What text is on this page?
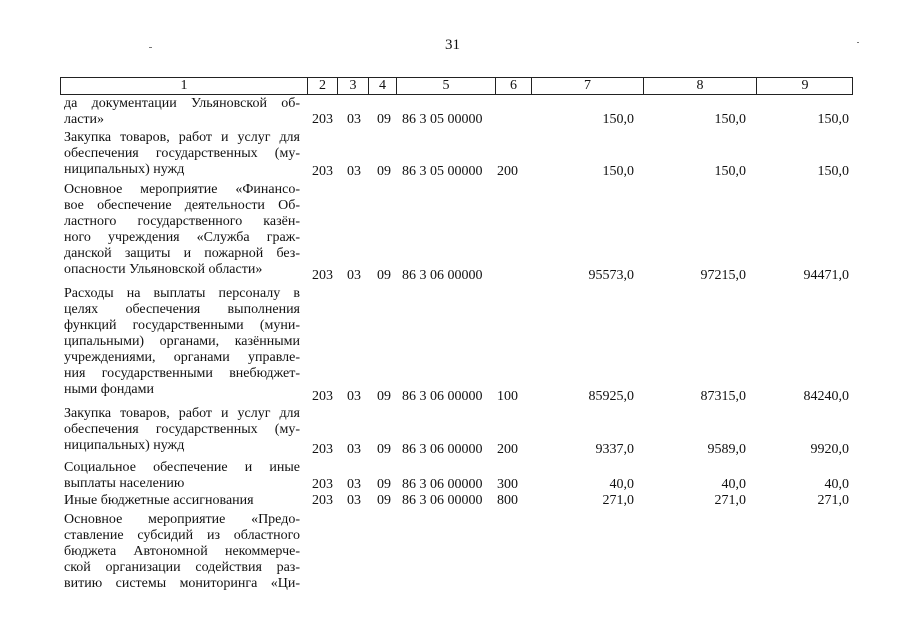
31
1	2	3	4	5	6	7	8	9
да документации Ульяновской об-
ласти»	203 03 09 86 3 05 00000	150,0	150,0	150,0
Закупка товаров, работ и услуг для
обеспечения государственных (му-
ниципальных) нужд	203 03 09 86 3 05 00000 200	150,0	150,0	150,0
Основное мероприятие «Финансо-
вое обеспечение деятельности Об-
ластного государственного казён-
ного учреждения «Служба граж-
данской защиты и пожарной без-
опасности Ульяновской области»	203 03 09 86 3 06 00000	95573,0	97215,0	94471,0
Расходы на выплаты персоналу в
целях обеспечения выполнения
функций государственными (муни-
ципальными) органами, казёнными
учреждениями, органами управле-
ния государственными внебюджет-
ными фондами	203 03 09 86 3 06 00000 100	85925,0	87315,0	84240,0
Закупка товаров, работ и услуг для
обеспечения государственных (му-
ниципальных) нужд	203 03 09 86 3 06 00000 200	9337,0	9589,0	9920,0
Социальное обеспечение и иные
выплаты населению	203 03 09 86 3 06 00000 300	40,0	40,0	40,0
Иные бюджетные ассигнования	203 03 09 86 3 06 00000 800	271,0	271,0	271,0
Основное мероприятие «Предо-
ставление субсидий из областного
бюджета Автономной некоммерче-
ской организации содействия раз-
витию системы мониторинга «Ци-
